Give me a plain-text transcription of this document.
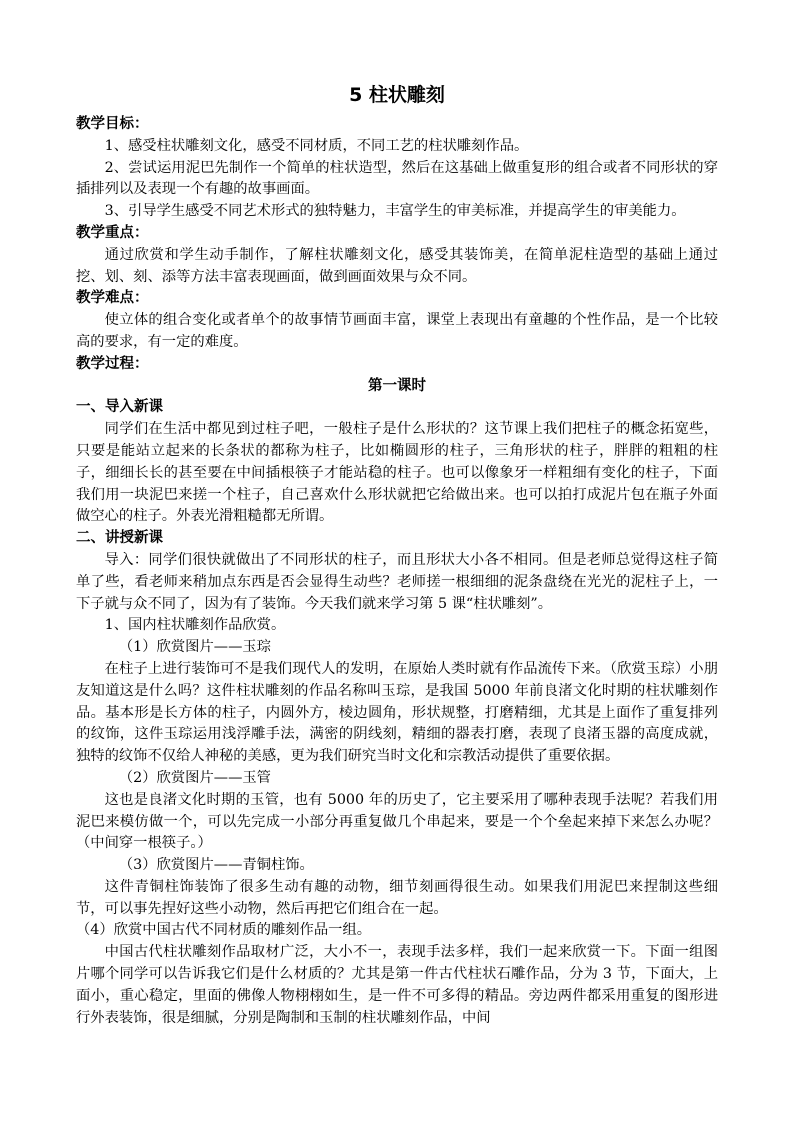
5 柱状雕刻

教学目标：

1、感受柱状雕刻文化，感受不同材质，不同工艺的柱状雕刻作品。

2、尝试运用泥巴先制作一个简单的柱状造型，然后在这基础上做重复形的组合或者不同形状的穿插排列以及表现一个有趣的故事画面。

3、引导学生感受不同艺术形式的独特魅力，丰富学生的审美标准，并提高学生的审美能力。

教学重点：

通过欣赏和学生动手制作，了解柱状雕刻文化，感受其装饰美，在简单泥柱造型的基础上通过挖、划、刻、添等方法丰富表现画面，做到画面效果与众不同。

教学难点：

使立体的组合变化或者单个的故事情节画面丰富，课堂上表现出有童趣的个性作品，是一个比较高的要求，有一定的难度。

教学过程：

第一课时

一、导入新课

同学们在生活中都见到过柱子吧，一般柱子是什么形状的？这节课上我们把柱子的概念拓宽些，只要是能站立起来的长条状的都称为柱子，比如椭圆形的柱子，三角形状的柱子，胖胖的粗粗的柱子，细细长长的甚至要在中间插根筷子才能站稳的柱子。也可以像象牙一样粗细有变化的柱子，下面我们用一块泥巴来搓一个柱子，自己喜欢什么形状就把它给做出来。也可以拍打成泥片包在瓶子外面做空心的柱子。外表光滑粗糙都无所谓。

二、讲授新课

导入：同学们很快就做出了不同形状的柱子，而且形状大小各不相同。但是老师总觉得这柱子简单了些，看老师来稍加点东西是否会显得生动些？老师搓一根细细的泥条盘绕在光光的泥柱子上，一下子就与众不同了，因为有了装饰。今天我们就来学习第 5 课“柱状雕刻”。

1、国内柱状雕刻作品欣赏。

（1）欣赏图片——玉琮

在柱子上进行装饰可不是我们现代人的发明，在原始人类时就有作品流传下来。（欣赏玉琮）小朋友知道这是什么吗？这件柱状雕刻的作品名称叫玉琮，是我国 5000 年前良渚文化时期的柱状雕刻作品。基本形是长方体的柱子，内圆外方，棱边圆角，形状规整，打磨精细，尤其是上面作了重复排列的纹饰，这件玉琮运用浅浮雕手法，满密的阴线刻，精细的器表打磨，表现了良渚玉器的高度成就，独特的纹饰不仅给人神秘的美感，更为我们研究当时文化和宗教活动提供了重要依据。

（2）欣赏图片——玉管

这也是良渚文化时期的玉管，也有 5000 年的历史了，它主要采用了哪种表现手法呢？若我们用泥巴来模仿做一个，可以先完成一小部分再重复做几个串起来，要是一个个垒起来掉下来怎么办呢？（中间穿一根筷子。）

（3）欣赏图片——青铜柱饰。

这件青铜柱饰装饰了很多生动有趣的动物，细节刻画得很生动。如果我们用泥巴来捏制这些细节，可以事先捏好这些小动物，然后再把它们组合在一起。

（4）欣赏中国古代不同材质的雕刻作品一组。

中国古代柱状雕刻作品取材广泛，大小不一，表现手法多样，我们一起来欣赏一下。下面一组图片哪个同学可以告诉我它们是什么材质的？尤其是第一件古代柱状石雕作品，分为 3 节，下面大，上面小，重心稳定，里面的佛像人物栩栩如生，是一件不可多得的精品。旁边两件都采用重复的图形进行外表装饰，很是细腻，分别是陶制和玉制的柱状雕刻作品，中间
